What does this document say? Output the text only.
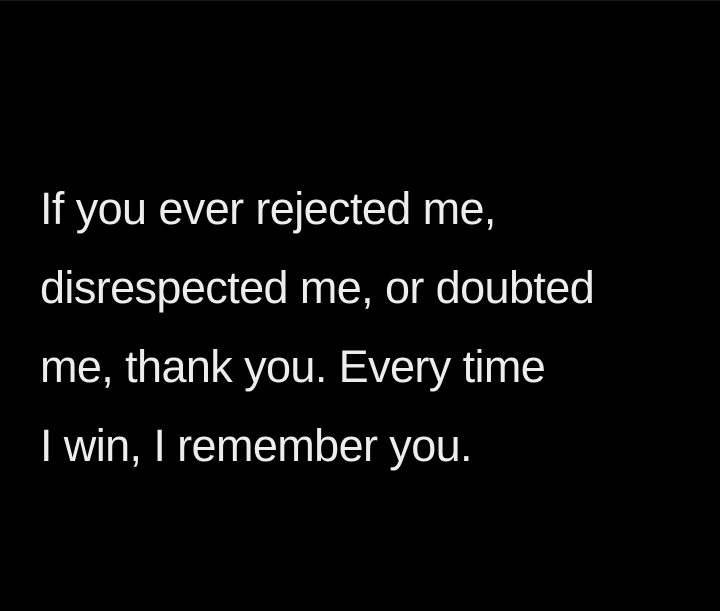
If you ever rejected me,
disrespected me, or doubted
me, thank you. Every time
I win, I remember you.
